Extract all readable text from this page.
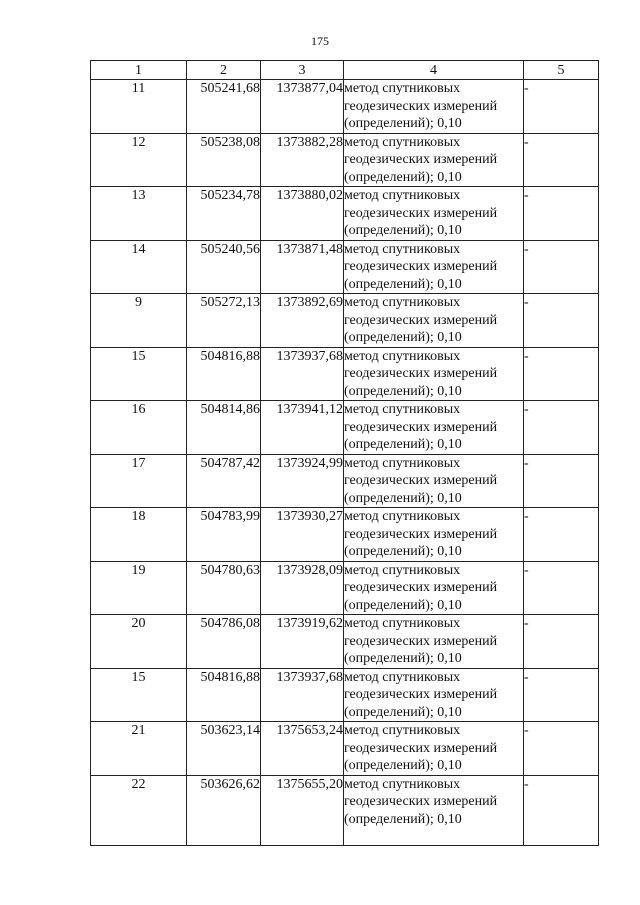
175
1	2	3	4	5
11	505241,68	1373877,04	метод спутниковых
геодезических измерений
(определений); 0,10	-
12	505238,08	1373882,28	метод спутниковых
геодезических измерений
(определений); 0,10	-
13	505234,78	1373880,02	метод спутниковых
геодезических измерений
(определений); 0,10	-
14	505240,56	1373871,48	метод спутниковых
геодезических измерений
(определений); 0,10	-
9	505272,13	1373892,69	метод спутниковых
геодезических измерений
(определений); 0,10	-
15	504816,88	1373937,68	метод спутниковых
геодезических измерений
(определений); 0,10	-
16	504814,86	1373941,12	метод спутниковых
геодезических измерений
(определений); 0,10	-
17	504787,42	1373924,99	метод спутниковых
геодезических измерений
(определений); 0,10	-
18	504783,99	1373930,27	метод спутниковых
геодезических измерений
(определений); 0,10	-
19	504780,63	1373928,09	метод спутниковых
геодезических измерений
(определений); 0,10	-
20	504786,08	1373919,62	метод спутниковых
геодезических измерений
(определений); 0,10	-
15	504816,88	1373937,68	метод спутниковых
геодезических измерений
(определений); 0,10	-
21	503623,14	1375653,24	метод спутниковых
геодезических измерений
(определений); 0,10	-
22	503626,62	1375655,20	метод спутниковых
геодезических измерений
(определений); 0,10	-
